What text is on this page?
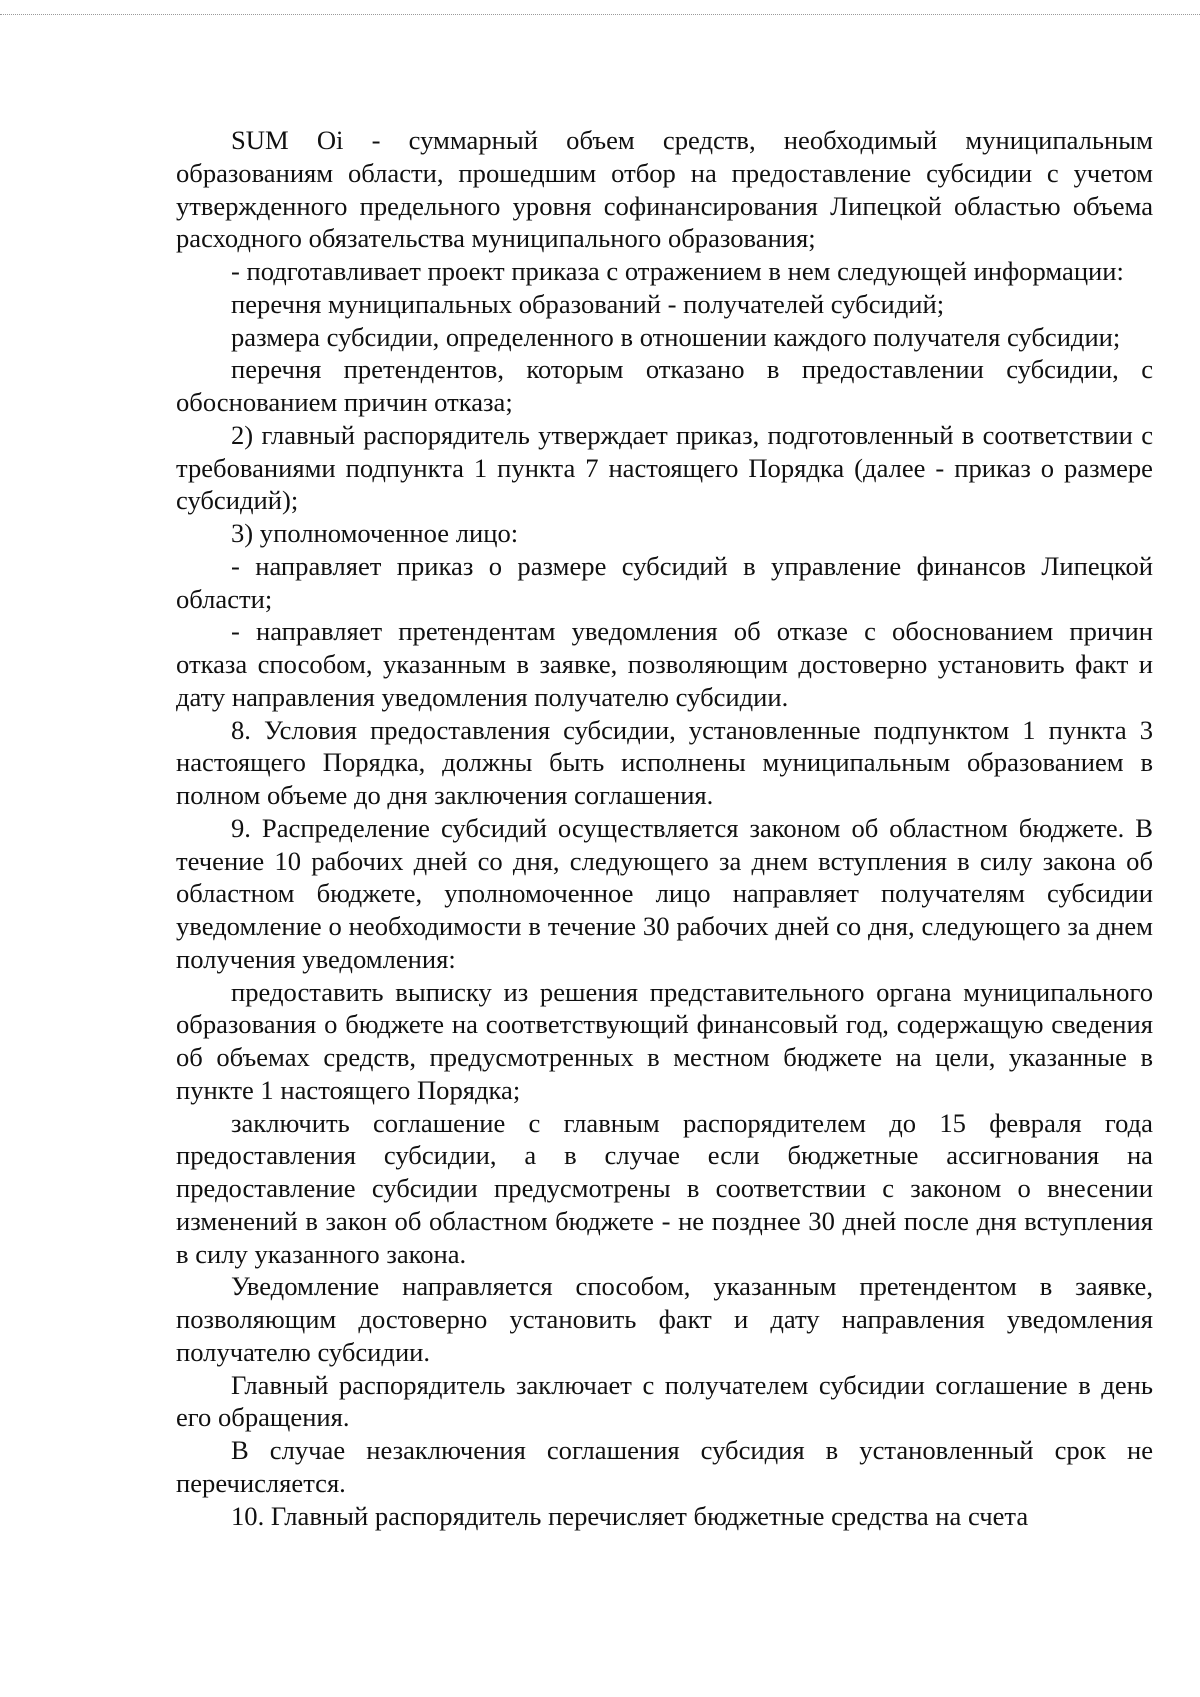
SUM Oi - суммарный объем средств, необходимый муниципальным образованиям области, прошедшим отбор на предоставление субсидии с учетом утвержденного предельного уровня софинансирования Липецкой областью объема расходного обязательства муниципального образования;

- подготавливает проект приказа с отражением в нем следующей информации:

перечня муниципальных образований - получателей субсидий;

размера субсидии, определенного в отношении каждого получателя субсидии;

перечня претендентов, которым отказано в предоставлении субсидии, с обоснованием причин отказа;

2) главный распорядитель утверждает приказ, подготовленный в соответствии с требованиями подпункта 1 пункта 7 настоящего Порядка (далее - приказ о размере субсидий);

3) уполномоченное лицо:

- направляет приказ о размере субсидий в управление финансов Липецкой области;

- направляет претендентам уведомления об отказе с обоснованием причин отказа способом, указанным в заявке, позволяющим достоверно установить факт и дату направления уведомления получателю субсидии.

8. Условия предоставления субсидии, установленные подпунктом 1 пункта 3 настоящего Порядка, должны быть исполнены муниципальным образованием в полном объеме до дня заключения соглашения.

9. Распределение субсидий осуществляется законом об областном бюджете. В течение 10 рабочих дней со дня, следующего за днем вступления в силу закона об областном бюджете, уполномоченное лицо направляет получателям субсидии уведомление о необходимости в течение 30 рабочих дней со дня, следующего за днем получения уведомления:

предоставить выписку из решения представительного органа муниципального образования о бюджете на соответствующий финансовый год, содержащую сведения об объемах средств, предусмотренных в местном бюджете на цели, указанные в пункте 1 настоящего Порядка;

заключить соглашение с главным распорядителем до 15 февраля года предоставления субсидии, а в случае если бюджетные ассигнования на предоставление субсидии предусмотрены в соответствии с законом о внесении изменений в закон об областном бюджете - не позднее 30 дней после дня вступления в силу указанного закона.

Уведомление направляется способом, указанным претендентом в заявке, позволяющим достоверно установить факт и дату направления уведомления получателю субсидии.

Главный распорядитель заключает с получателем субсидии соглашение в день его обращения.

В случае незаключения соглашения субсидия в установленный срок не перечисляется.

10. Главный распорядитель перечисляет бюджетные средства на счета
